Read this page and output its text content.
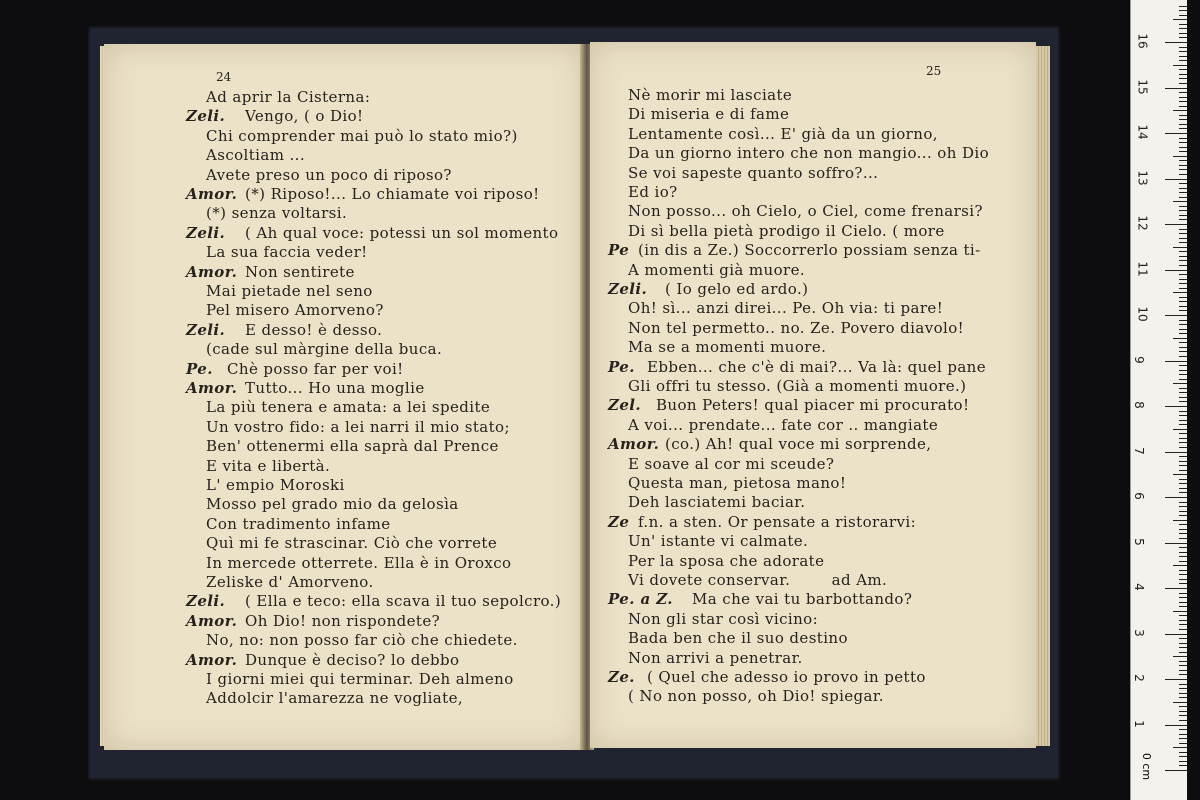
24
Ad aprir la Cisterna:
Zeli. Vengo, ( o Dio!
Chi comprender mai può lo stato mio?)
Ascoltiam ...
Avete preso un poco di riposo?
Amor. (*) Riposo!... Lo chiamate voi riposo!
(*) senza voltarsi.
Zeli. ( Ah qual voce: potessi un sol momento
La sua faccia veder!
Amor. Non sentirete
Mai pietade nel seno
Pel misero Amorveno?
Zeli. E desso! è desso.
(cade sul màrgine della buca.
Pe. Chè posso far per voi!
Amor. Tutto... Ho una moglie
La più tenera e amata: a lei spedite
Un vostro fido: a lei narri il mio stato;
Ben' ottenermi ella saprà dal Prence
E vita e libertà.
L' empio Moroski
Mosso pel grado mio da gelosìa
Con tradimento infame
Quì mi fe strascinar. Ciò che vorrete
In mercede otterrete. Ella è in Oroxco
Zeliske d' Amorveno.
Zeli. ( Ella e teco: ella scava il tuo sepolcro.)
Amor. Oh Dio! non rispondete?
No, no: non posso far ciò che chiedete.
Amor. Dunque è deciso? lo debbo
I giorni miei qui terminar. Deh almeno
Addolcir l'amarezza ne vogliate,
25
Nè morir mi lasciate
Di miseria e di fame
Lentamente così... E' già da un giorno,
Da un giorno intero che non mangio... oh Dio
Se voi sapeste quanto soffro?...
Ed io?
Non posso... oh Cielo, o Ciel, come frenarsi?
Di sì bella pietà prodigo il Cielo. ( more
Pe (in dis a Ze.) Soccorrerlo possiam senza ti-
A momenti già muore.
Zeli. ( Io gelo ed ardo.)
Oh! sì... anzi direi... Pe. Oh via: ti pare!
Non tel permetto.. no. Ze. Povero diavolo!
Ma se a momenti muore.
Pe. Ebben... che c'è di mai?... Va là: quel pane
Gli offri tu stesso. (Già a momenti muore.)
Zel. Buon Peters! qual piacer mi procurato!
A voi... prendate... fate cor .. mangiate
Amor. (co.) Ah! qual voce mi sorprende,
E soave al cor mi sceude?
Questa man, pietosa mano!
Deh lasciatemi baciar.
Ze f.n. a sten. Or pensate a ristorarvi:
Un' istante vi calmate.
Per la sposa che adorate
Vi dovete conservar.        ad Am.
Pe. a Z. Ma che vai tu barbottando?
Non gli star così vicino:
Bada ben che il suo destino
Non arrivi a penetrar.
Ze. ( Quel che adesso io provo in petto
( No non posso, oh Dio! spiegar.
0 cm
1
2
3
4
5
6
7
8
9
10
11
12
13
14
15
16
